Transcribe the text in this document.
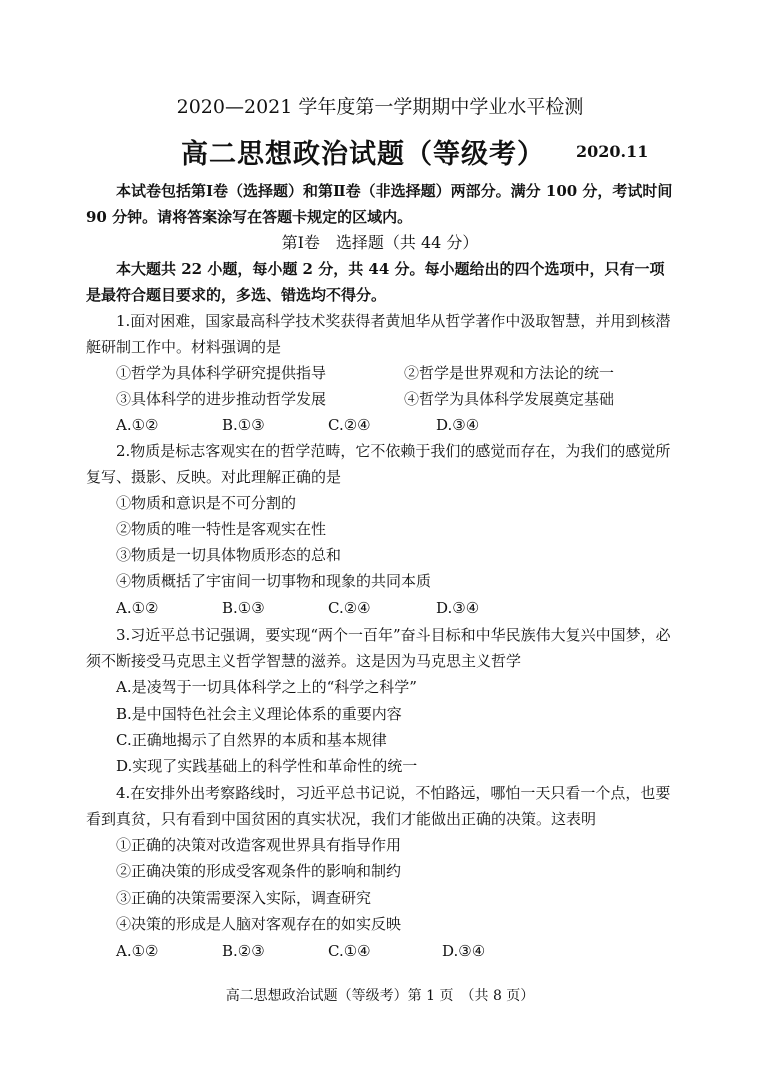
2020—2021 学年度第一学期期中学业水平检测
高二思想政治试题（等级考） 2020.11
本试卷包括第Ⅰ卷（选择题）和第Ⅱ卷（非选择题）两部分。满分 100 分，考试时间 90 分钟。请将答案涂写在答题卡规定的区域内。
第Ⅰ卷　选择题（共 44 分）
本大题共 22 小题，每小题 2 分，共 44 分。每小题给出的四个选项中，只有一项是最符合题目要求的，多选、错选均不得分。
1.面对困难，国家最高科学技术奖获得者黄旭华从哲学著作中汲取智慧，并用到核潜艇研制工作中。材料强调的是
①哲学为具体科学研究提供指导	②哲学是世界观和方法论的统一
③具体科学的进步推动哲学发展	④哲学为具体科学发展奠定基础
A.①②	B.①③	C.②④	D.③④
2.物质是标志客观实在的哲学范畴，它不依赖于我们的感觉而存在，为我们的感觉所复写、摄影、反映。对此理解正确的是
①物质和意识是不可分割的
②物质的唯一特性是客观实在性
③物质是一切具体物质形态的总和
④物质概括了宇宙间一切事物和现象的共同本质
A.①②	B.①③	C.②④	D.③④
3.习近平总书记强调，要实现“两个一百年”奋斗目标和中华民族伟大复兴中国梦，必须不断接受马克思主义哲学智慧的滋养。这是因为马克思主义哲学
A.是凌驾于一切具体科学之上的“科学之科学”
B.是中国特色社会主义理论体系的重要内容
C.正确地揭示了自然界的本质和基本规律
D.实现了实践基础上的科学性和革命性的统一
4.在安排外出考察路线时，习近平总书记说，不怕路远，哪怕一天只看一个点，也要看到真贫，只有看到中国贫困的真实状况，我们才能做出正确的决策。这表明
①正确的决策对改造客观世界具有指导作用
②正确决策的形成受客观条件的影响和制约
③正确的决策需要深入实际，调查研究
④决策的形成是人脑对客观存在的如实反映
A.①②	B.②③	C.①④	D.③④
高二思想政治试题（等级考）第 1 页　（共 8 页）
